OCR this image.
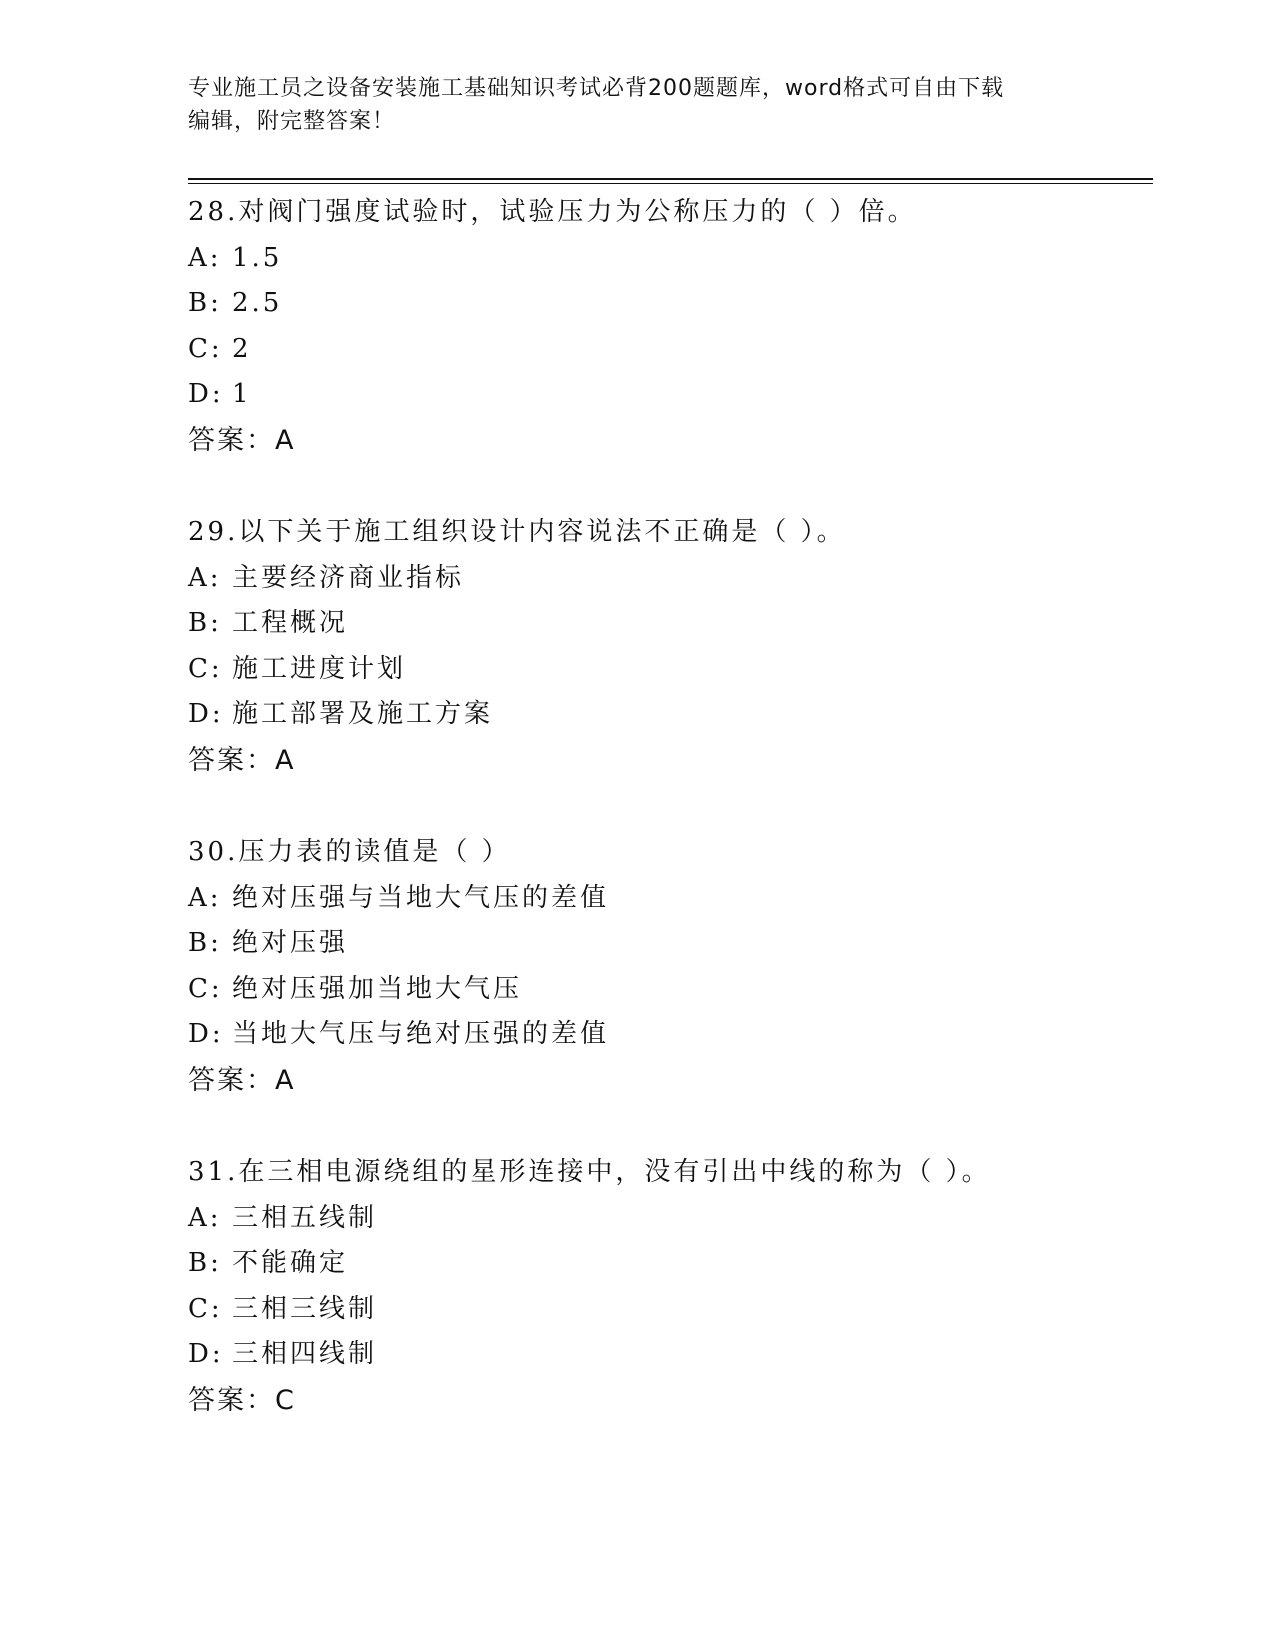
专业施工员之设备安装施工基础知识考试必背200题题库，word格式可自由下载
编辑，附完整答案！
28.对阀门强度试验时，试验压力为公称压力的（ ）倍。
A: 1.5
B: 2.5
C: 2
D: 1
答案：A
29.以下关于施工组织设计内容说法不正确是（ ）。
A: 主要经济商业指标
B: 工程概况
C: 施工进度计划
D: 施工部署及施工方案
答案：A
30.压力表的读值是（ ）
A: 绝对压强与当地大气压的差值
B: 绝对压强
C: 绝对压强加当地大气压
D: 当地大气压与绝对压强的差值
答案：A
31.在三相电源绕组的星形连接中，没有引出中线的称为（ ）。
A: 三相五线制
B: 不能确定
C: 三相三线制
D: 三相四线制
答案：C
